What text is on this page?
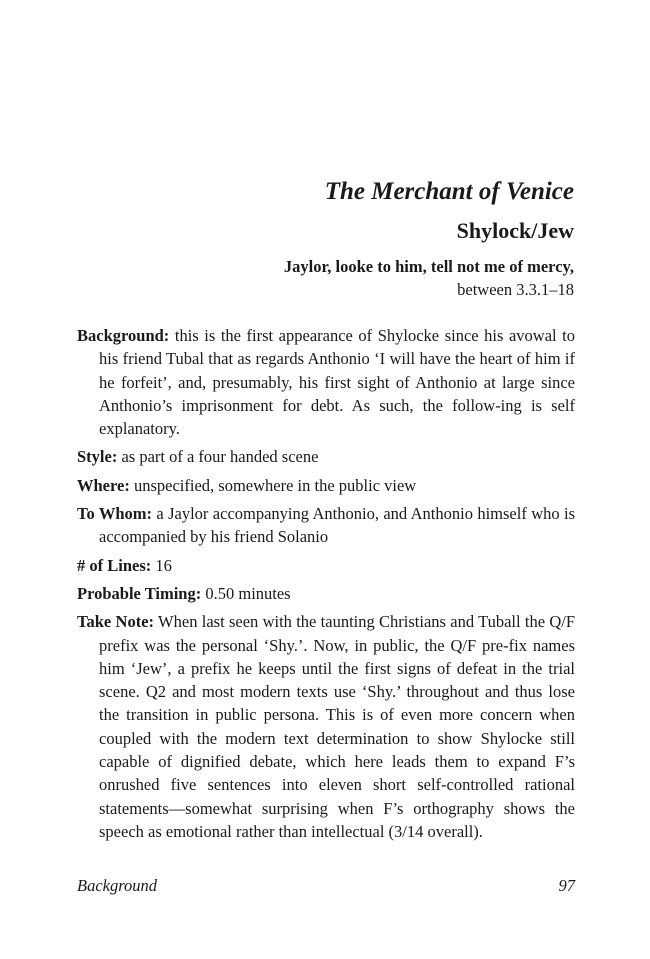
The Merchant of Venice
Shylock/Jew
Jaylor, looke to him, tell not me of mercy,
between 3.3.1–18

Background: this is the first appearance of Shylocke since his avowal to his friend Tubal that as regards Anthonio ‘I will have the heart of him if he forfeit’, and, presumably, his first sight of Anthonio at large since Anthonio’s imprisonment for debt. As such, the follow-ing is self explanatory.

Style: as part of a four handed scene

Where: unspecified, somewhere in the public view

To Whom: a Jaylor accompanying Anthonio, and Anthonio himself who is accompanied by his friend Solanio

# of Lines: 16

Probable Timing: 0.50 minutes

Take Note: When last seen with the taunting Christians and Tuball the Q/F prefix was the personal ‘Shy.’. Now, in public, the Q/F pre-fix names him ‘Jew’, a prefix he keeps until the first signs of defeat in the trial scene. Q2 and most modern texts use ‘Shy.’ throughout and thus lose the transition in public persona. This is of even more concern when coupled with the modern text determination to show Shylocke still capable of dignified debate, which here leads them to expand F’s onrushed five sentences into eleven short self-controlled rational statements—somewhat surprising when F’s orthography shows the speech as emotional rather than intellectual (3/14 overall).

Background	97
